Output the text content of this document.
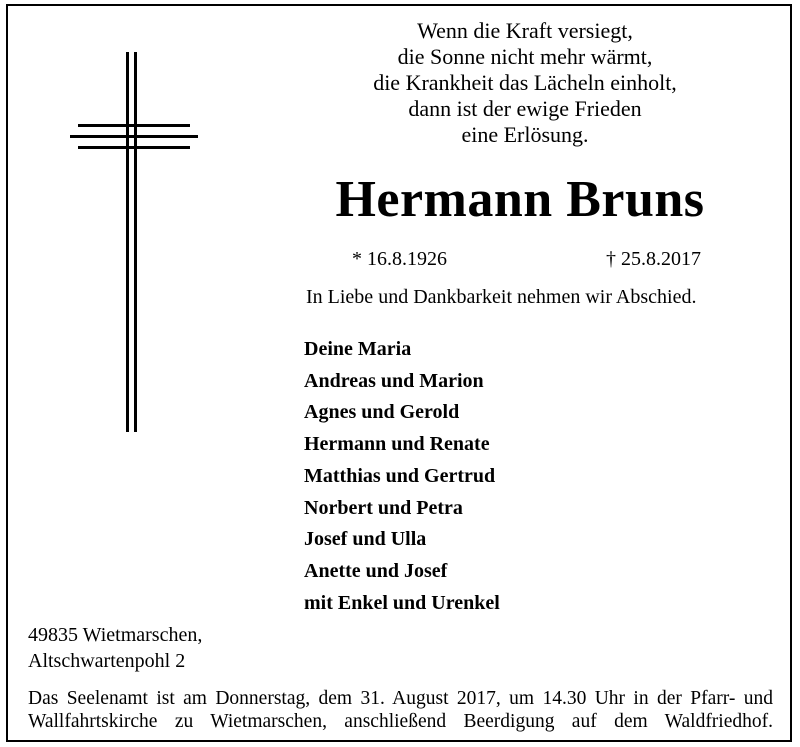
Wenn die Kraft versiegt,
die Sonne nicht mehr wärmt,
die Krankheit das Lächeln einholt,
dann ist der ewige Frieden
eine Erlösung.
Hermann Bruns
* 16.8.1926	† 25.8.2017
In Liebe und Dankbarkeit nehmen wir Abschied.
Deine Maria
Andreas und Marion
Agnes und Gerold
Hermann und Renate
Matthias und Gertrud
Norbert und Petra
Josef und Ulla
Anette und Josef
mit Enkel und Urenkel
49835 Wietmarschen,
Altschwartenpohl 2
Das Seelenamt ist am Donnerstag, dem 31. August 2017, um 14.30 Uhr in der Pfarr- und
Wallfahrtskirche zu Wietmarschen, anschließend Beerdigung auf dem Waldfriedhof.
